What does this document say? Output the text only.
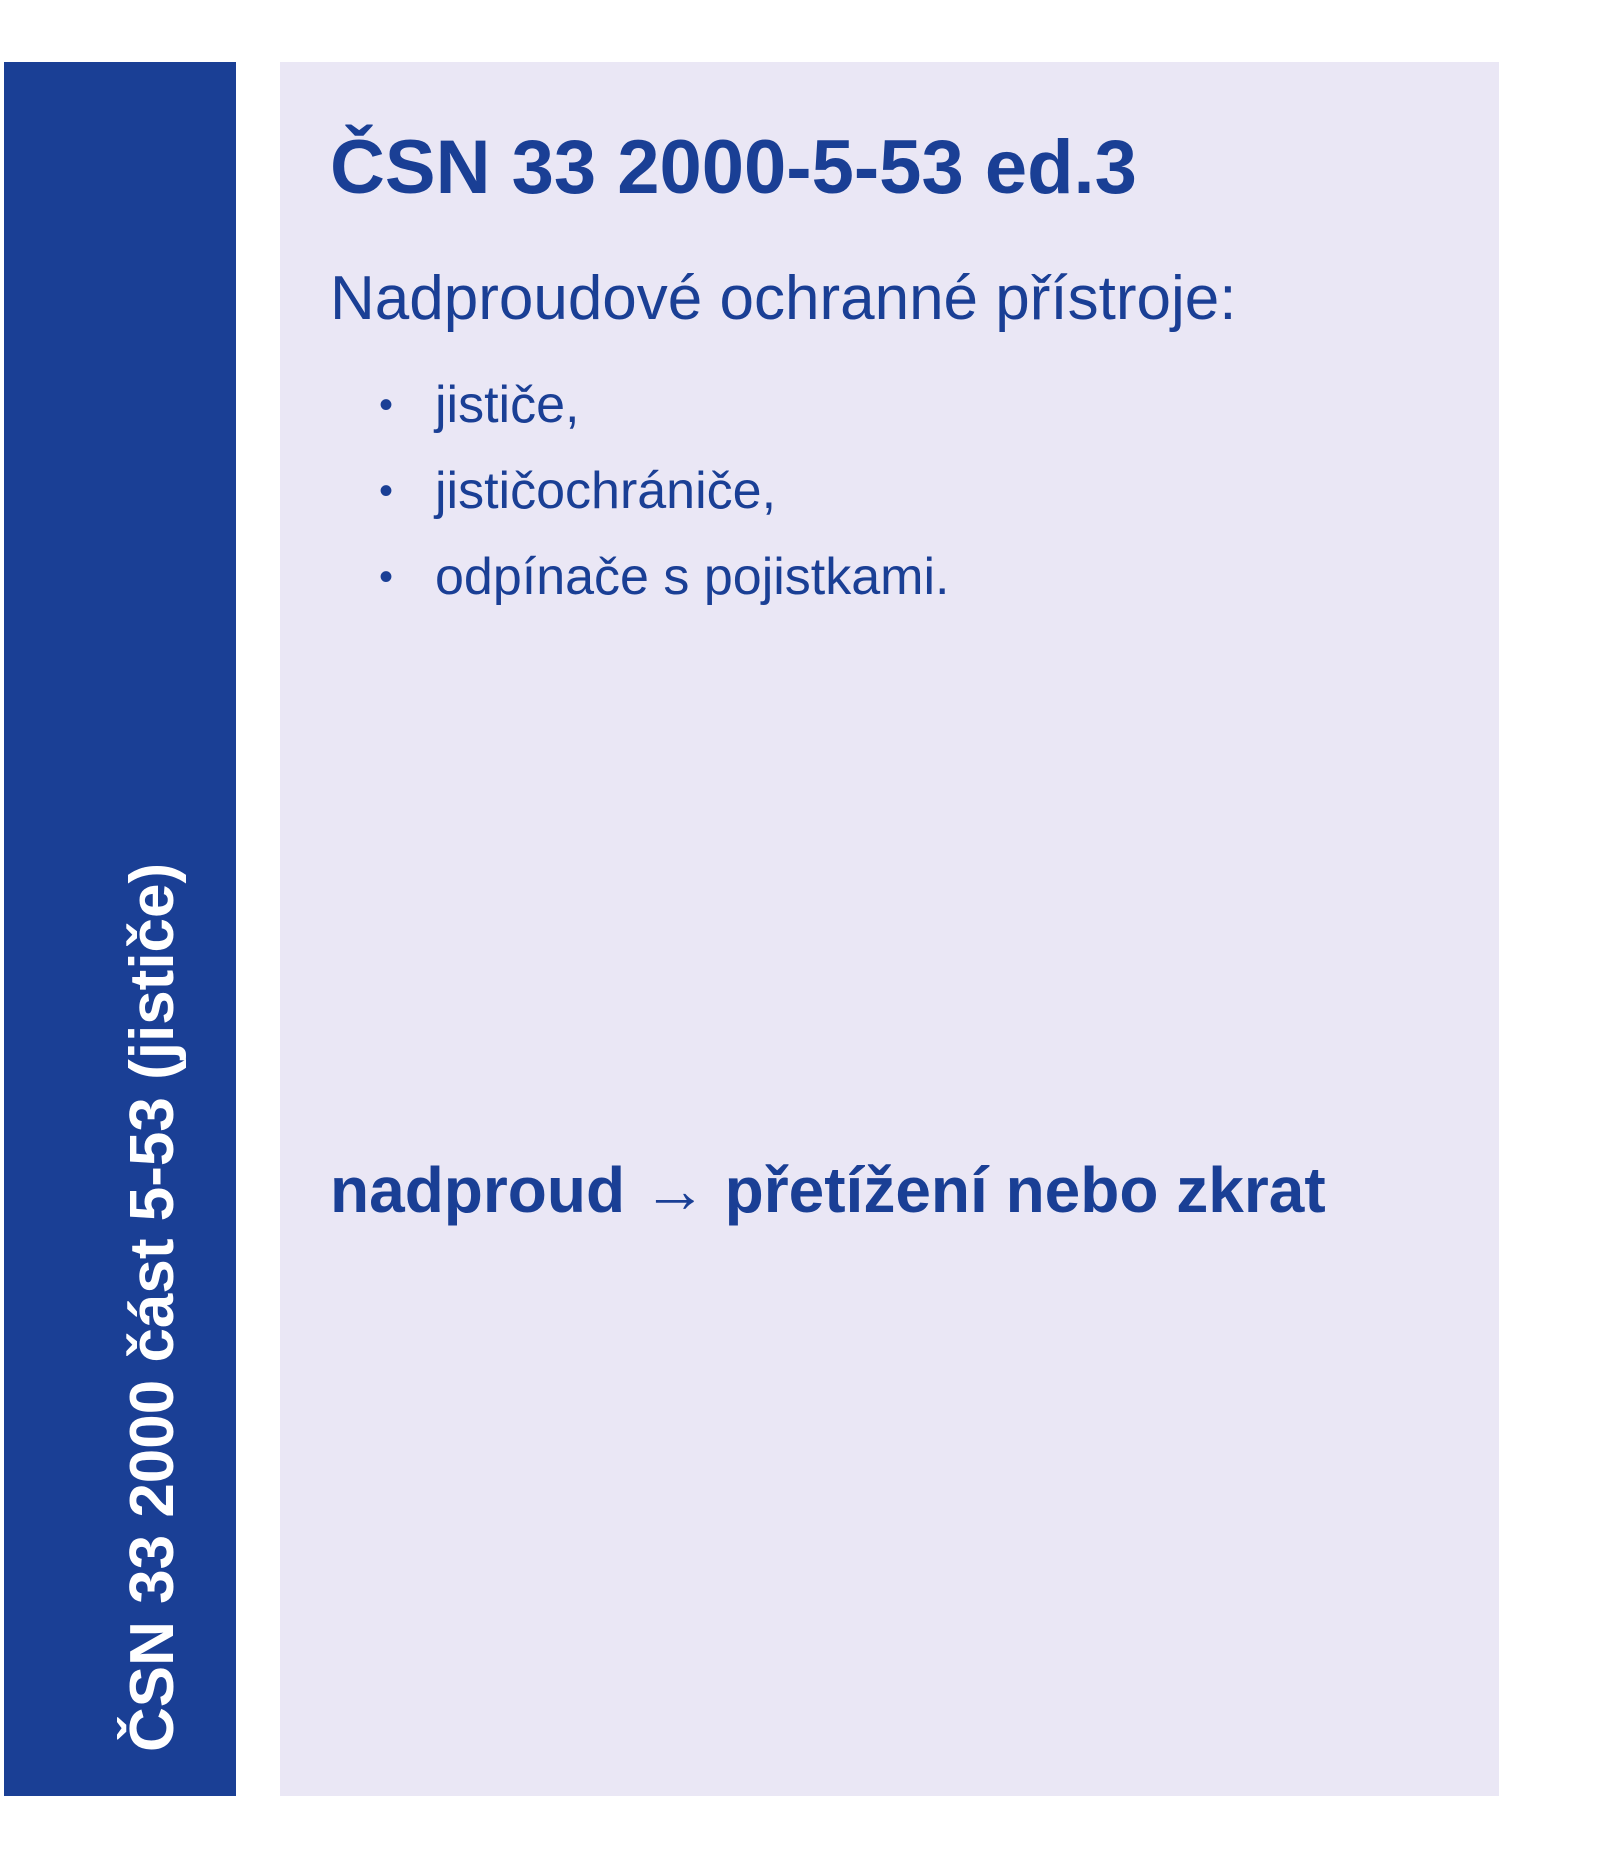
ČSN 33 2000 část 5-53 (jističe)
ČSN 33 2000-5-53 ed.3

Nadproudové ochranné přístroje:

• jističe,
• jističochrániče,
• odpínače s pojistkami.

nadproud → přetížení nebo zkrat
